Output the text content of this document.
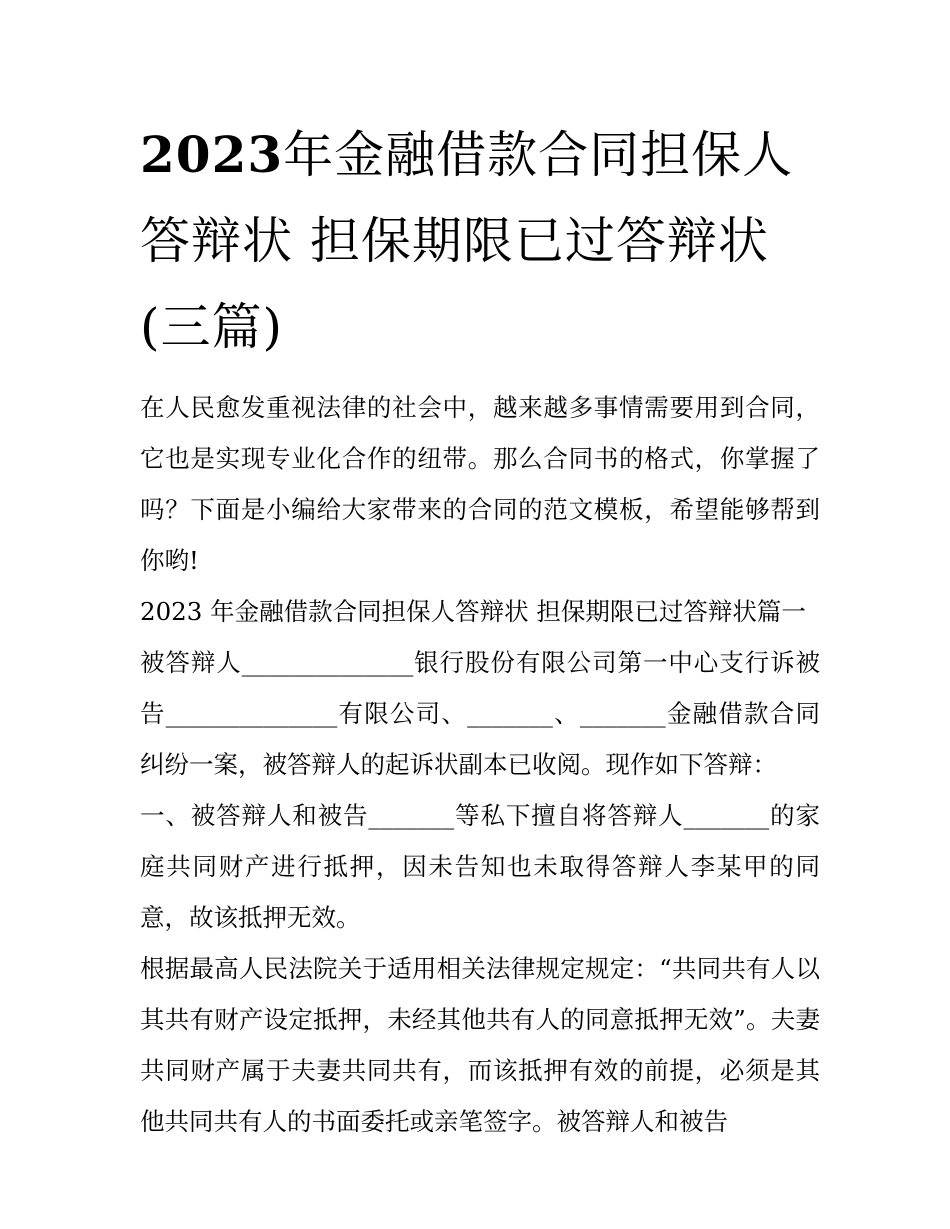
2023年金融借款合同担保人答辩状 担保期限已过答辩状(三篇)

在人民愈发重视法律的社会中，越来越多事情需要用到合同，它也是实现专业化合作的纽带。那么合同书的格式，你掌握了吗？下面是小编给大家带来的合同的范文模板，希望能够帮到你哟!

2023 年金融借款合同担保人答辩状 担保期限已过答辩状篇一

被答辩人______________银行股份有限公司第一中心支行诉被告______________有限公司、_______、_______金融借款合同纠纷一案，被答辩人的起诉状副本已收阅。现作如下答辩：

一、被答辩人和被告_______等私下擅自将答辩人_______的家庭共同财产进行抵押，因未告知也未取得答辩人李某甲的同意，故该抵押无效。

根据最高人民法院关于适用相关法律规定规定：“共同共有人以其共有财产设定抵押，未经其他共有人的同意抵押无效”。夫妻共同财产属于夫妻共同共有，而该抵押有效的前提，必须是其他共同共有人的书面委托或亲笔签字。被答辩人和被告
